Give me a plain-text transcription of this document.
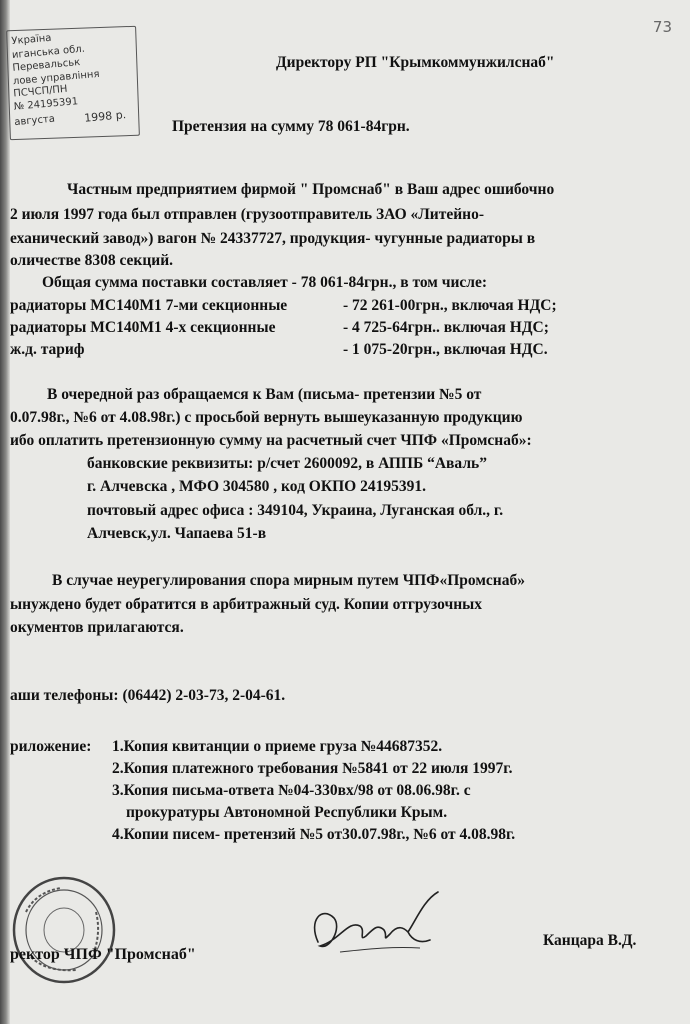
73
Україна
иганська обл.
Перевальськ
лове управління
ПСЧСП/ПН
№ 24195391
августа	1998 р.
Директору РП "Крымкоммунжилснаб"
Претензия на сумму 78 061-84грн.
Частным предприятием фирмой " Промснаб" в Ваш адрес ошибочно
2 июля 1997 года был отправлен (грузоотправитель ЗАО «Литейно-
еханический завод») вагон № 24337727, продукция- чугунные радиаторы в
оличестве 8308 секций.
Общая сумма поставки составляет - 78 061-84грн., в том числе:
радиаторы МС140М1 7-ми секционные	- 72 261-00грн., включая НДС;
радиаторы МС140М1 4-х секционные	- 4 725-64грн.. включая НДС;
ж.д. тариф	- 1 075-20грн., включая НДС.
В очередной раз обращаемся к Вам (письма- претензии №5 от
0.07.98г., №6 от 4.08.98г.) с просьбой вернуть вышеуказанную продукцию
ибо оплатить претензионную сумму на расчетный счет ЧПФ «Промснаб»:
банковские реквизиты: р/счет 2600092, в АППБ “Аваль”
г. Алчевска , МФО 304580 , код ОКПО 24195391.
почтовый адрес офиса : 349104, Украина, Луганская обл., г.
Алчевск,ул. Чапаева 51-в
В случае неурегулирования спора мирным путем ЧПФ«Промснаб»
ынуждено будет обратится в арбитражный суд. Копии отгрузочных
окументов прилагаются.
аши телефоны: (06442) 2-03-73, 2-04-61.
риложение: 1.Копия квитанции о приеме груза №44687352.
2.Копия платежного требования №5841 от 22 июля 1997г.
3.Копия письма-ответа №04-330вх/98 от 08.06.98г. с
прокуратуры Автономной Республики Крым.
4.Копии писем- претензий №5 от30.07.98г., №6 от 4.08.98г.
ректор ЧПФ "Промснаб"
Канцара В.Д.
